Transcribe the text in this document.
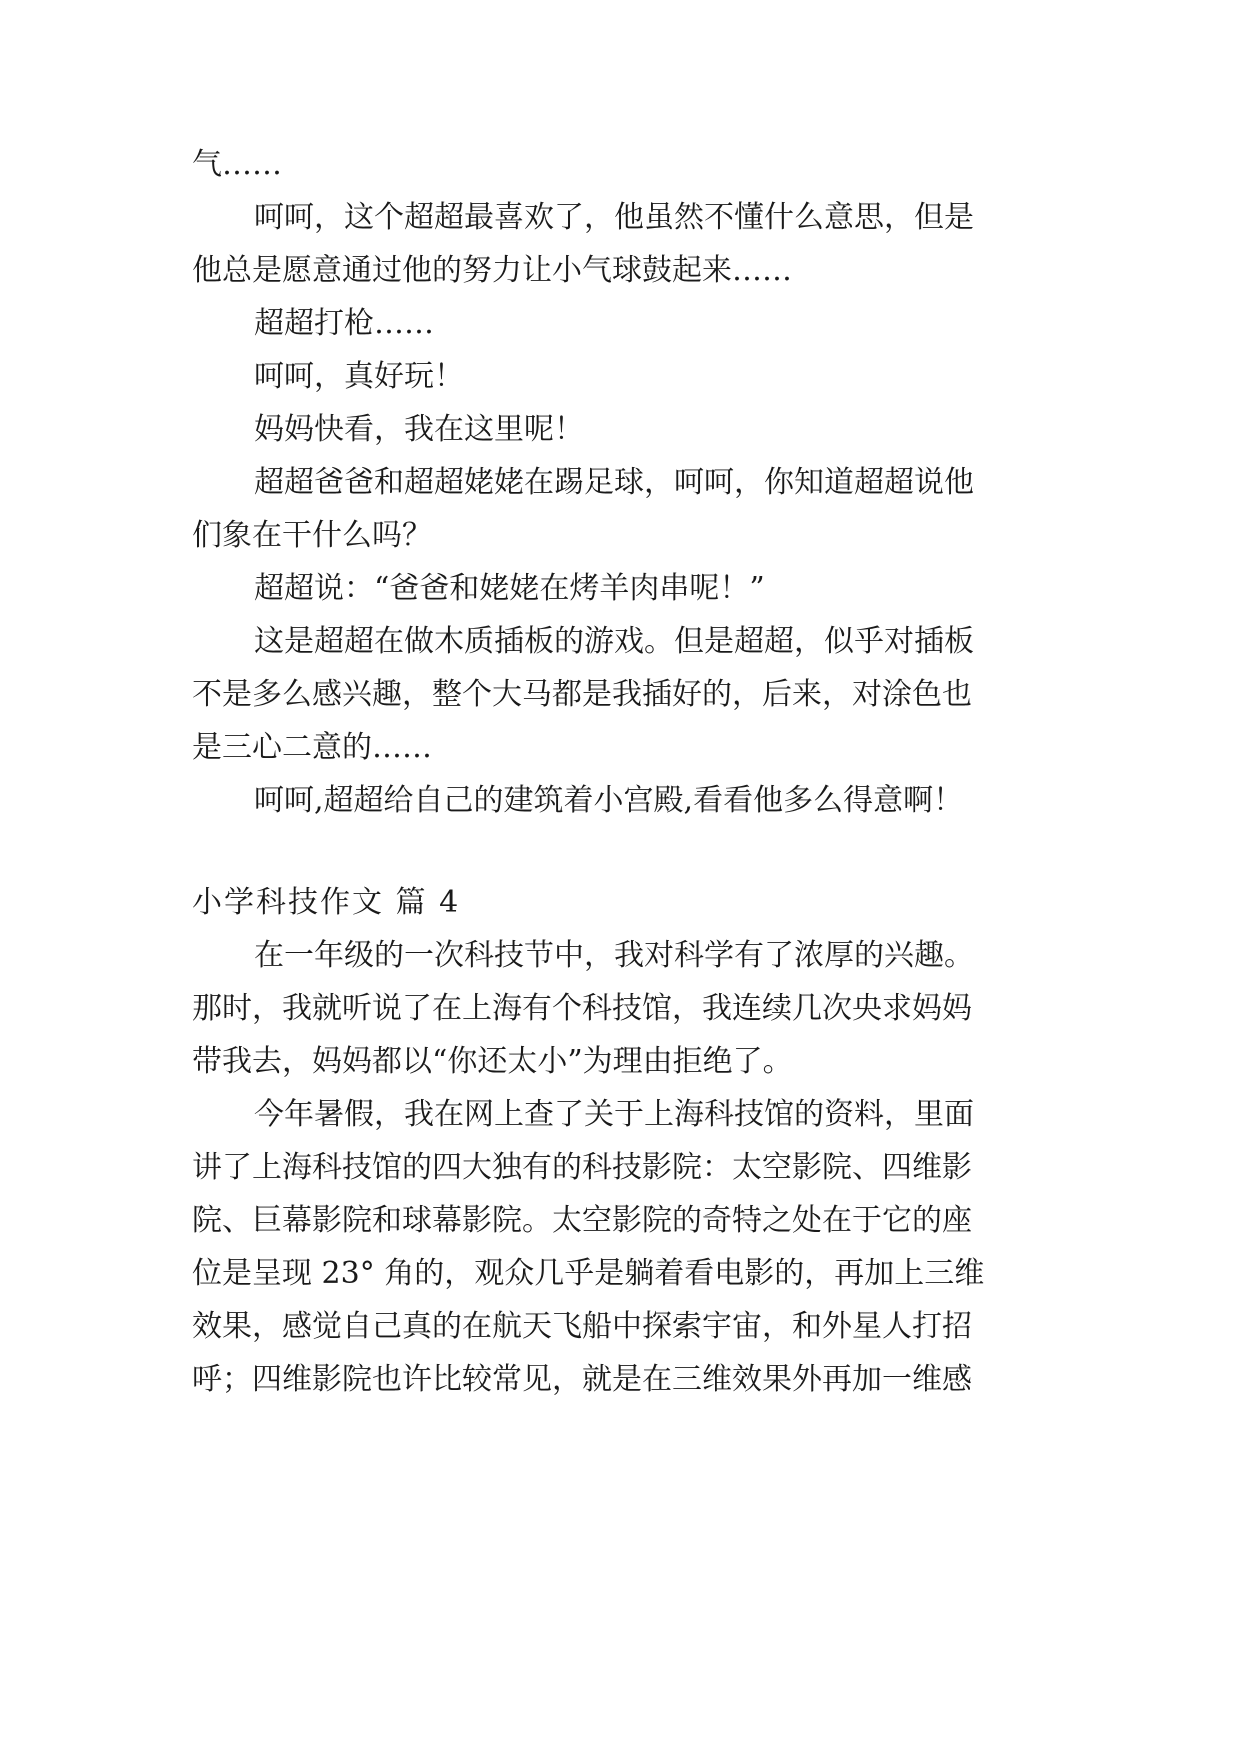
气……
呵呵，这个超超最喜欢了，他虽然不懂什么意思，但是
他总是愿意通过他的努力让小气球鼓起来……
超超打枪……
呵呵，真好玩！
妈妈快看，我在这里呢！
超超爸爸和超超姥姥在踢足球，呵呵，你知道超超说他
们象在干什么吗？
超超说：“爸爸和姥姥在烤羊肉串呢！”
这是超超在做木质插板的游戏。但是超超，似乎对插板
不是多么感兴趣，整个大马都是我插好的，后来，对涂色也
是三心二意的……
呵呵,超超给自己的建筑着小宫殿,看看他多么得意啊！
小学科技作文 篇 4
在一年级的一次科技节中，我对科学有了浓厚的兴趣。
那时，我就听说了在上海有个科技馆，我连续几次央求妈妈
带我去，妈妈都以“你还太小”为理由拒绝了。
今年暑假，我在网上查了关于上海科技馆的资料，里面
讲了上海科技馆的四大独有的科技影院：太空影院、四维影
院、巨幕影院和球幕影院。太空影院的奇特之处在于它的座
位是呈现 23° 角的，观众几乎是躺着看电影的，再加上三维
效果，感觉自己真的在航天飞船中探索宇宙，和外星人打招
呼；四维影院也许比较常见，就是在三维效果外再加一维感
